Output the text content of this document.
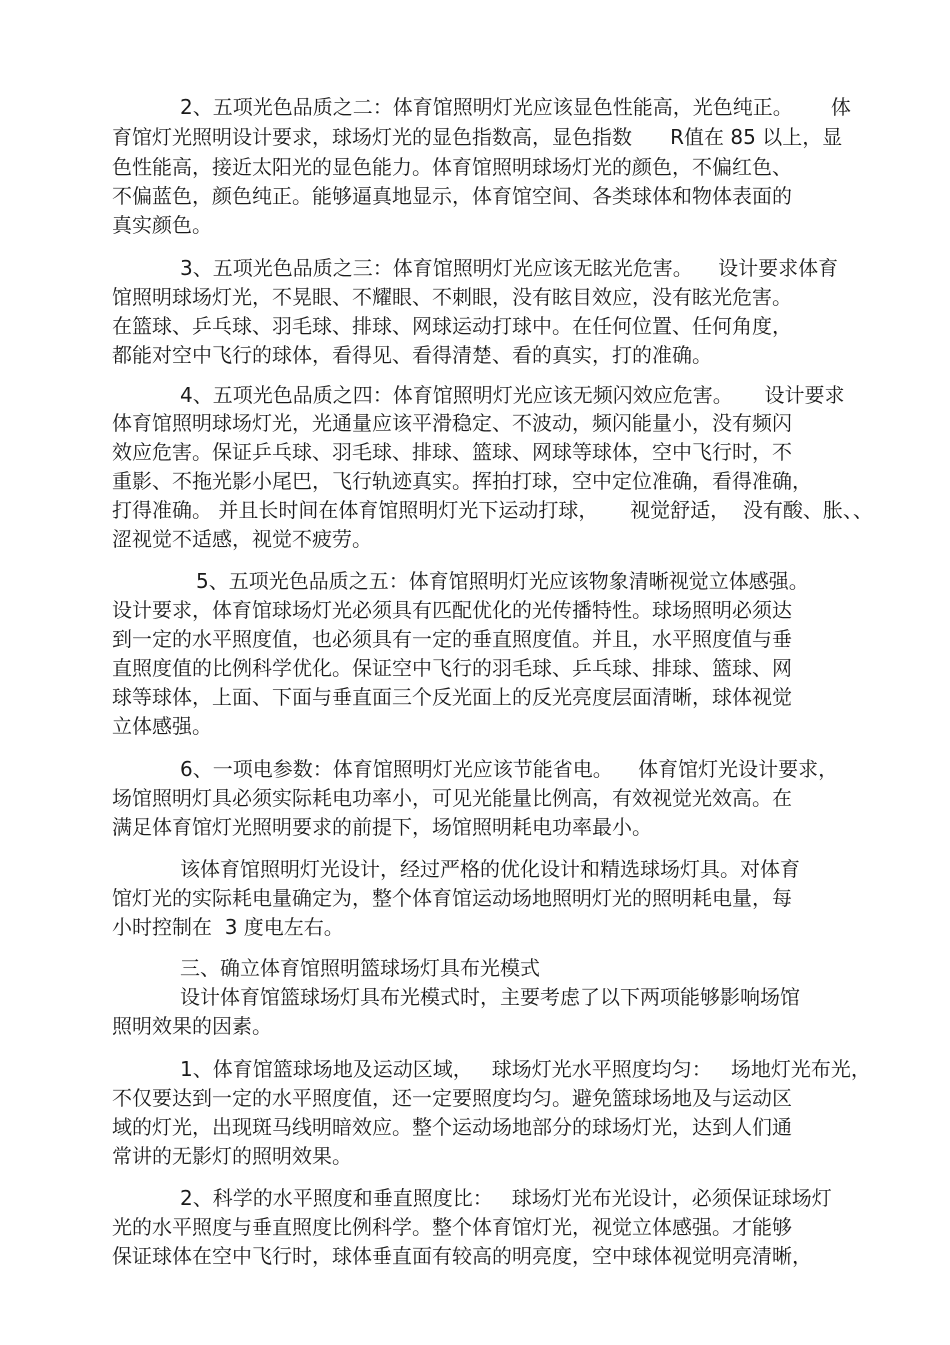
2、五项光色品质之二：体育馆照明灯光应该显色性能高，光色纯正。      体
育馆灯光照明设计要求，球场灯光的显色指数高，显色指数      R值在 85 以上，显
色性能高，接近太阳光的显色能力。体育馆照明球场灯光的颜色，不偏红色、
不偏蓝色，颜色纯正。能够逼真地显示，体育馆空间、各类球体和物体表面的
真实颜色。
3、五项光色品质之三：体育馆照明灯光应该无眩光危害。    设计要求体育
馆照明球场灯光，不晃眼、不耀眼、不刺眼，没有眩目效应，没有眩光危害。
在篮球、乒乓球、羽毛球、排球、网球运动打球中。在任何位置、任何角度，
都能对空中飞行的球体，看得见、看得清楚、看的真实，打的准确。
4、五项光色品质之四：体育馆照明灯光应该无频闪效应危害。     设计要求
体育馆照明球场灯光，光通量应该平滑稳定、不波动，频闪能量小，没有频闪
效应危害。保证乒乓球、羽毛球、排球、篮球、网球等球体，空中飞行时，不
重影、不拖光影小尾巴，飞行轨迹真实。挥拍打球，空中定位准确，看得准确，
打得准确。 并且长时间在体育馆照明灯光下运动打球，     视觉舒适，  没有酸、胀、、
涩视觉不适感，视觉不疲劳。
5、五项光色品质之五：体育馆照明灯光应该物象清晰视觉立体感强。
设计要求，体育馆球场灯光必须具有匹配优化的光传播特性。球场照明必须达
到一定的水平照度值，也必须具有一定的垂直照度值。并且，水平照度值与垂
直照度值的比例科学优化。保证空中飞行的羽毛球、乒乓球、排球、篮球、网
球等球体，上面、下面与垂直面三个反光面上的反光亮度层面清晰，球体视觉
立体感强。
6、一项电参数：体育馆照明灯光应该节能省电。    体育馆灯光设计要求，
场馆照明灯具必须实际耗电功率小，可见光能量比例高，有效视觉光效高。在
满足体育馆灯光照明要求的前提下，场馆照明耗电功率最小。
该体育馆照明灯光设计，经过严格的优化设计和精选球场灯具。对体育
馆灯光的实际耗电量确定为，整个体育馆运动场地照明灯光的照明耗电量，每
小时控制在  3 度电左右。
三、确立体育馆照明篮球场灯具布光模式
设计体育馆篮球场灯具布光模式时，主要考虑了以下两项能够影响场馆
照明效果的因素。
1、体育馆篮球场地及运动区域，   球场灯光水平照度均匀：   场地灯光布光，
不仅要达到一定的水平照度值，还一定要照度均匀。避免篮球场地及与运动区
域的灯光，出现斑马线明暗效应。整个运动场地部分的球场灯光，达到人们通
常讲的无影灯的照明效果。
2、科学的水平照度和垂直照度比：   球场灯光布光设计，必须保证球场灯
光的水平照度与垂直照度比例科学。整个体育馆灯光，视觉立体感强。才能够
保证球体在空中飞行时，球体垂直面有较高的明亮度，空中球体视觉明亮清晰，
